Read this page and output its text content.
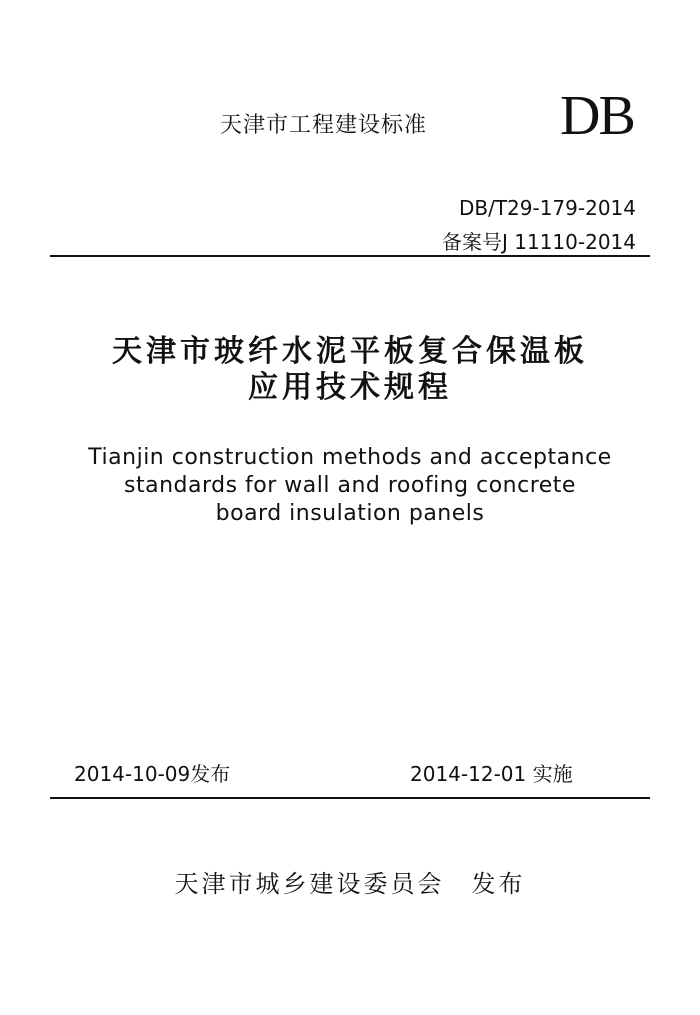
天津市工程建设标准 DB
DB/T29-179-2014
备案号J 11110-2014
天津市玻纤水泥平板复合保温板
应用技术规程
Tianjin construction methods and acceptance
standards for wall and roofing concrete
board insulation panels
2014-10-09发布	2014-12-01 实施
天津市城乡建设委员会　发布
